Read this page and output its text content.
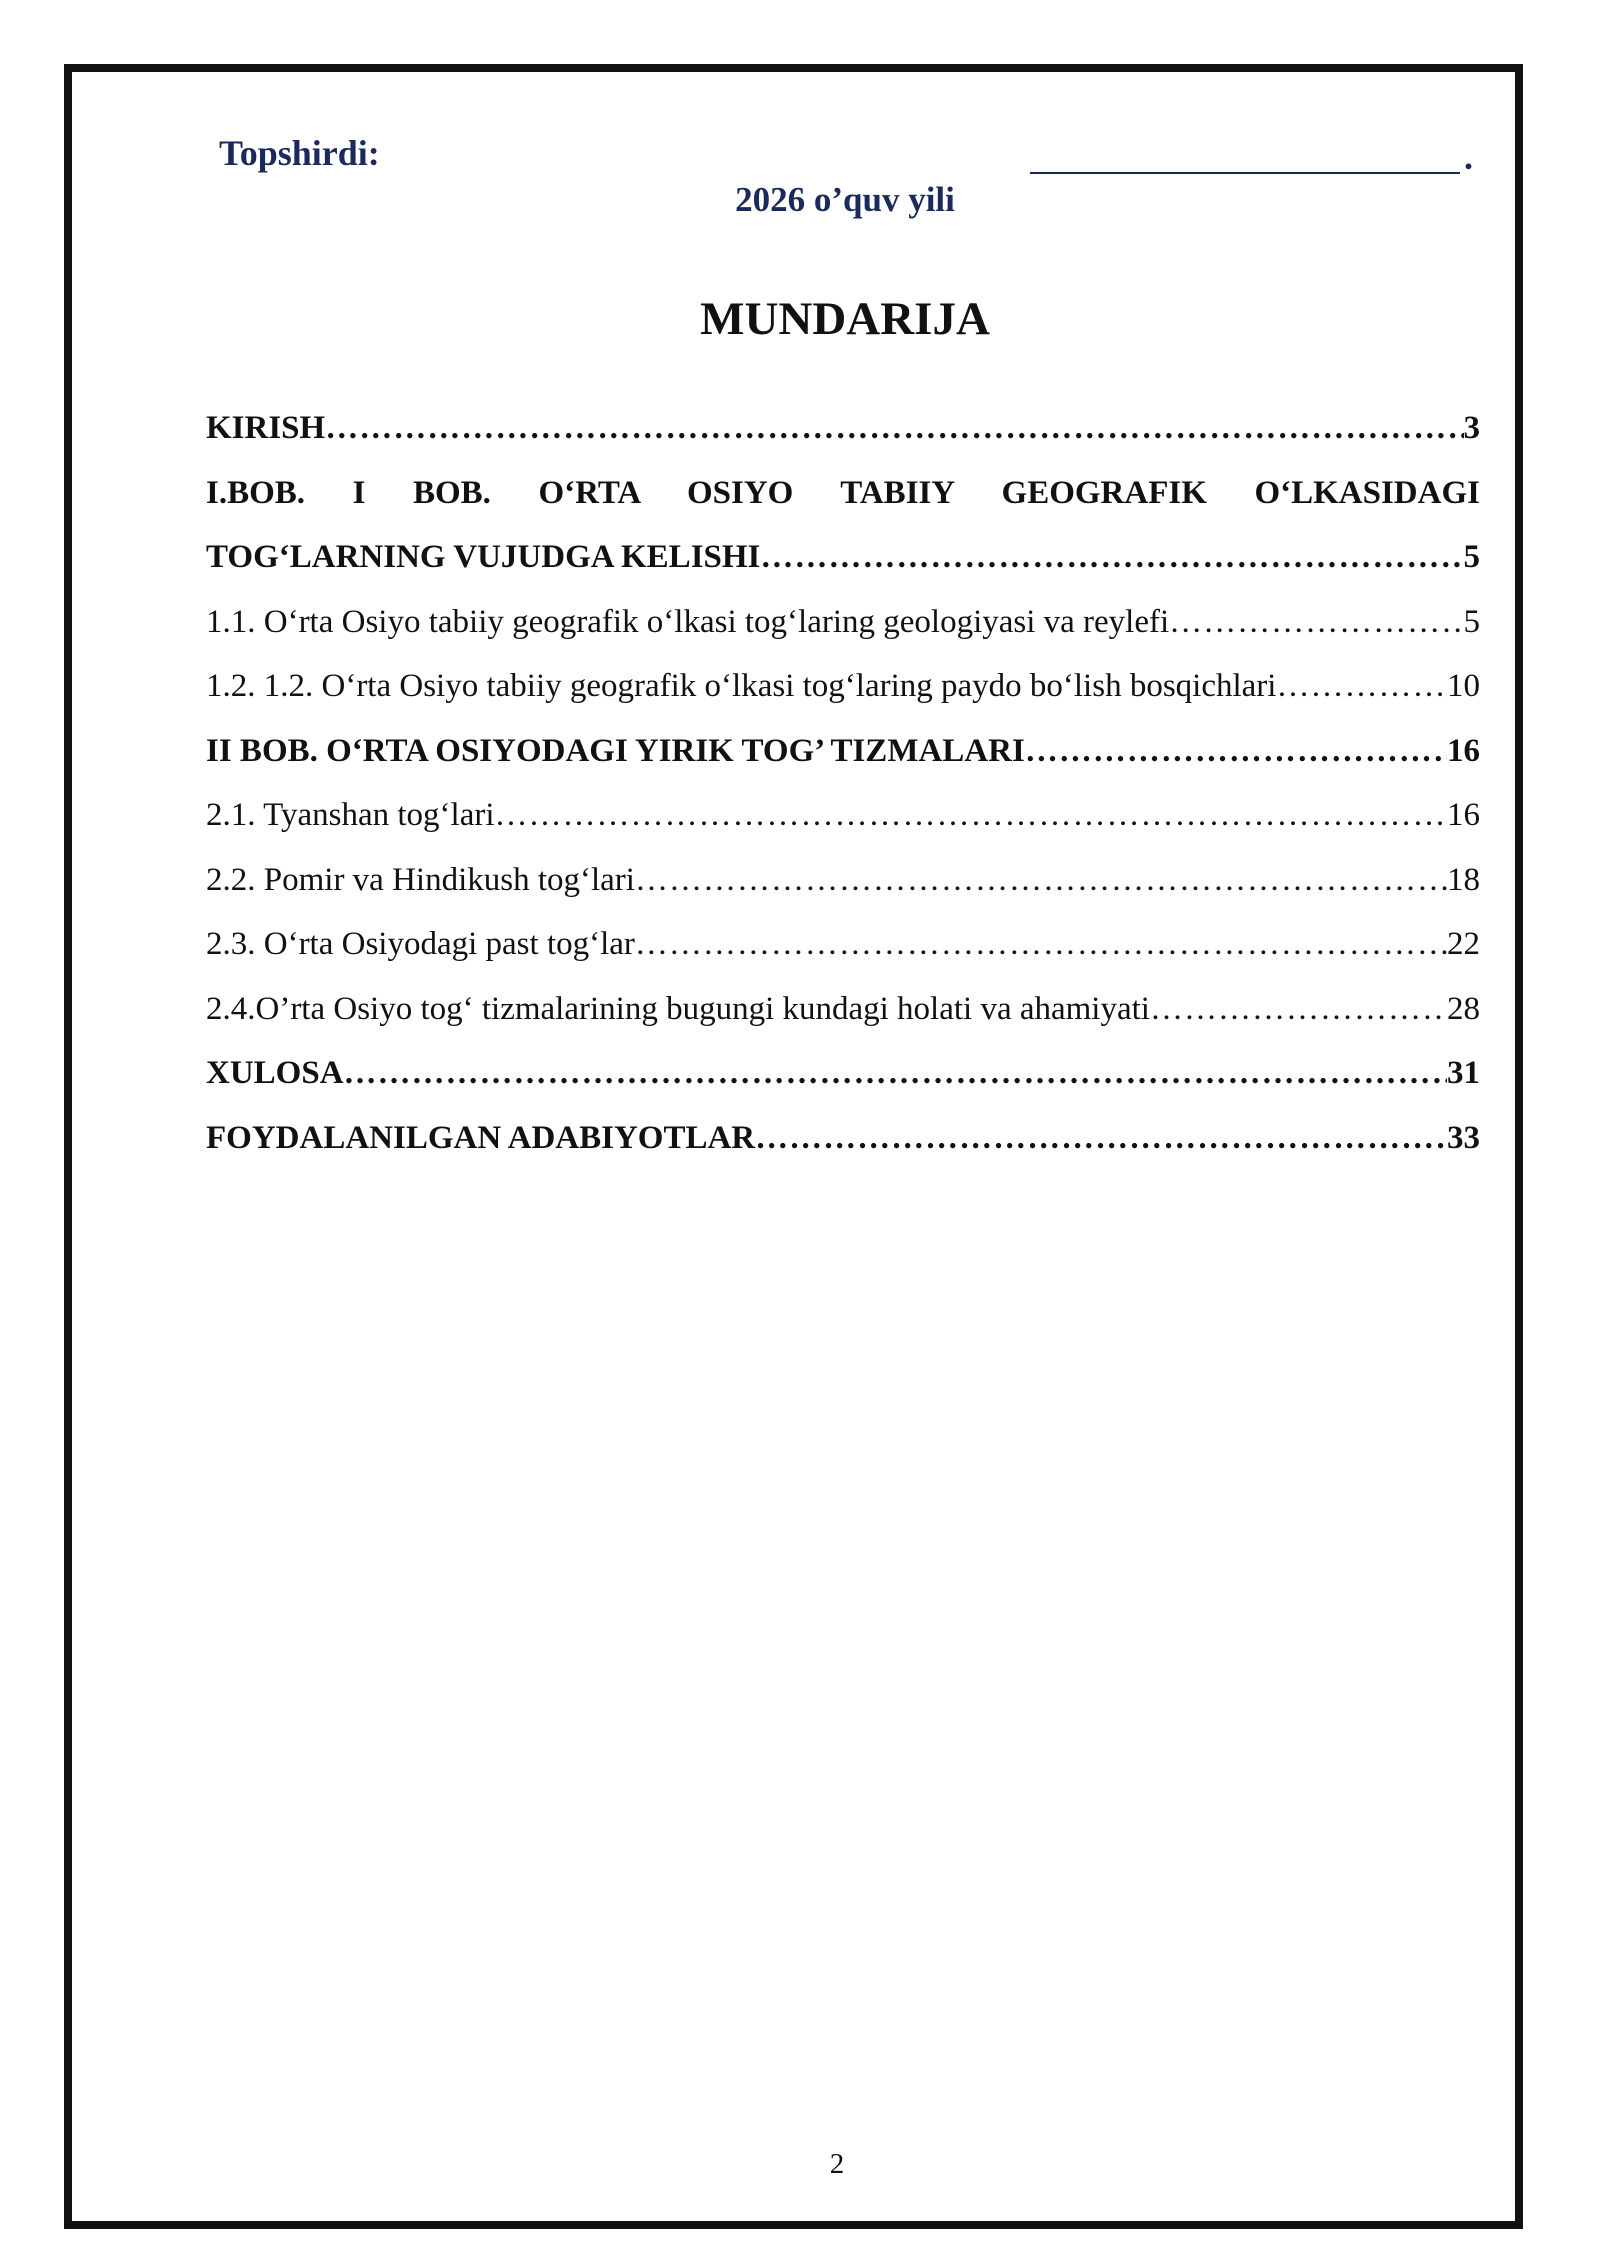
Topshirdi:	.
2026 o’quv yili
MUNDARIJA
KIRISH ……………………………………………………………………………………………………………………………………………………………………………………………………	3
I.BOB. I BOB. O‘RTA OSIYO TABIIY GEOGRAFIK O‘LKASIDAGI
TOG‘LARNING VUJUDGA KELISHI ……………………………………………………………………………………………………………………………………………………………………………………………………	5
1.1. O‘rta Osiyo tabiiy geografik o‘lkasi tog‘laring geologiyasi va reylefi ……………………………………………………………………………………………………………………………………………………………………………………………………	5
1.2. 1.2. O‘rta Osiyo tabiiy geografik o‘lkasi tog‘laring paydo bo‘lish bosqichlari ……………………………………………………………………………………………………………………………………………………………………………………………………	10
II BOB. O‘RTA OSIYODAGI YIRIK TOG’ TIZMALARI ……………………………………………………………………………………………………………………………………………………………………………………………………	16
2.1. Tyanshan tog‘lari ……………………………………………………………………………………………………………………………………………………………………………………………………	16
2.2. Pomir va Hindikush tog‘lari ……………………………………………………………………………………………………………………………………………………………………………………………………	18
2.3. O‘rta Osiyodagi past tog‘lar ……………………………………………………………………………………………………………………………………………………………………………………………………	22
2.4.O’rta Osiyo tog‘ tizmalarining bugungi kundagi holati va ahamiyati ……………………………………………………………………………………………………………………………………………………………………………………………………	28
XULOSA ……………………………………………………………………………………………………………………………………………………………………………………………………	31
FOYDALANILGAN ADABIYOTLAR ……………………………………………………………………………………………………………………………………………………………………………………………………	33
2
